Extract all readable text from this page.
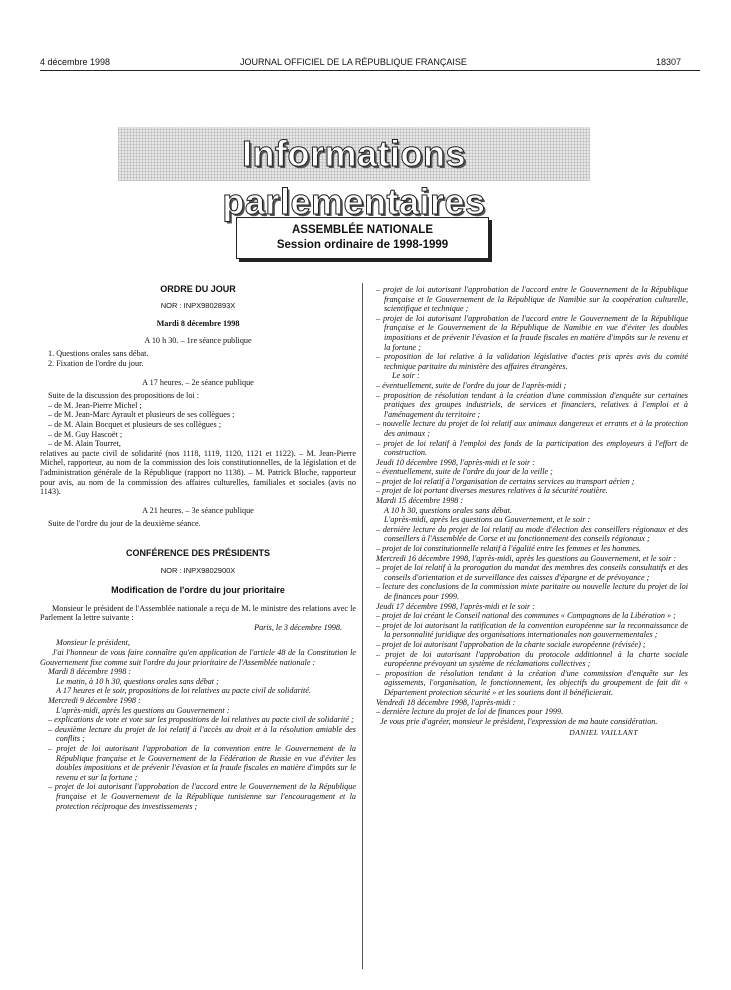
4 décembre 1998	JOURNAL OFFICIEL DE LA RÉPUBLIQUE FRANÇAISE	18307
Informations parlementaires
ASSEMBLÉE NATIONALE
Session ordinaire de 1998-1999

ORDRE DU JOUR

NOR : INPX9802893X

Mardi 8 décembre 1998

A 10 h 30. – 1re séance publique

1. Questions orales sans débat.

2. Fixation de l'ordre du jour.

A 17 heures. – 2e séance publique

Suite de la discussion des propositions de loi :

– de M. Jean-Pierre Michel ;

– de M. Jean-Marc Ayrault et plusieurs de ses collègues ;

– de M. Alain Bocquet et plusieurs de ses collègues ;

– de M. Guy Hascoët ;

– de M. Alain Tourret,

relatives au pacte civil de solidarité (nos 1118, 1119, 1120, 1121 et 1122). – M. Jean-Pierre Michel, rapporteur, au nom de la commission des lois constitutionnelles, de la législation et de l'administration générale de la République (rapport no 1138). – M. Patrick Bloche, rapporteur pour avis, au nom de la commission des affaires culturelles, familiales et sociales (avis no 1143).

A 21 heures. – 3e séance publique

Suite de l'ordre du jour de la deuxième séance.

CONFÉRENCE DES PRÉSIDENTS

NOR : INPX9802900X

Modification de l'ordre du jour prioritaire

Monsieur le président de l'Assemblée nationale a reçu de M. le ministre des relations avec le Parlement la lettre suivante :

Paris, le 3 décembre 1998.

Monsieur le président,

J'ai l'honneur de vous faire connaître qu'en application de l'article 48 de la Constitution le Gouvernement fixe comme suit l'ordre du jour prioritaire de l'Assemblée nationale :

Mardi 8 décembre 1998 :

Le matin, à 10 h 30, questions orales sans débat ;

A 17 heures et le soir, propositions de loi relatives au pacte civil de solidarité.

Mercredi 9 décembre 1998 :

L'après-midi, après les questions au Gouvernement :

– explications de vote et vote sur les propositions de loi relatives au pacte civil de solidarité ;

– deuxième lecture du projet de loi relatif à l'accès au droit et à la résolution amiable des conflits ;

– projet de loi autorisant l'approbation de la convention entre le Gouvernement de la République française et le Gouvernement de la Fédération de Russie en vue d'éviter les doubles impositions et de prévenir l'évasion et la fraude fiscales en matière d'impôts sur le revenu et sur la fortune ;

– projet de loi autorisant l'approbation de l'accord entre le Gouvernement de la République française et le Gouvernement de la République tunisienne sur l'encouragement et la protection réciproque des investissements ;

– projet de loi autorisant l'approbation de l'accord entre le Gouvernement de la République française et le Gouvernement de la République de Namibie sur la coopération culturelle, scientifique et technique ;

– projet de loi autorisant l'approbation de l'accord entre le Gouvernement de la République française et le Gouvernement de la République de Namibie en vue d'éviter les doubles impositions et de prévenir l'évasion et la fraude fiscales en matière d'impôts sur le revenu et la fortune ;

– proposition de loi relative à la validation législative d'actes pris après avis du comité technique paritaire du ministère des affaires étrangères.

Le soir :

– éventuellement, suite de l'ordre du jour de l'après-midi ;

– proposition de résolution tendant à la création d'une commission d'enquête sur certaines pratiques des groupes industriels, de services et financiers, relatives à l'emploi et à l'aménagement du territoire ;

– nouvelle lecture du projet de loi relatif aux animaux dangereux et errants et à la protection des animaux ;

– projet de loi relatif à l'emploi des fonds de la participation des employeurs à l'effort de construction.

Jeudi 10 décembre 1998, l'après-midi et le soir :

– éventuellement, suite de l'ordre du jour de la veille ;

– projet de loi relatif à l'organisation de certains services au transport aérien ;

– projet de loi portant diverses mesures relatives à la sécurité routière.

Mardi 15 décembre 1998 :

A 10 h 30, questions orales sans débat.

L'après-midi, après les questions au Gouvernement, et le soir :

– dernière lecture du projet de loi relatif au mode d'élection des conseillers régionaux et des conseillers à l'Assemblée de Corse et au fonctionnement des conseils régionaux ;

– projet de loi constitutionnelle relatif à l'égalité entre les femmes et les hommes.

Mercredi 16 décembre 1998, l'après-midi, après les questions au Gouvernement, et le soir :

– projet de loi relatif à la prorogation du mandat des membres des conseils consultatifs et des conseils d'orientation et de surveillance des caisses d'épargne et de prévoyance ;

– lecture des conclusions de la commission mixte paritaire ou nouvelle lecture du projet de loi de finances pour 1999.

Jeudi 17 décembre 1998, l'après-midi et le soir :

– projet de loi créant le Conseil national des communes « Compagnons de la Libération » ;

– projet de loi autorisant la ratification de la convention européenne sur la reconnaissance de la personnalité juridique des organisations internationales non gouvernementales ;

– projet de loi autorisant l'approbation de la charte sociale européenne (révisée) ;

– projet de loi autorisant l'approbation du protocole additionnel à la charte sociale européenne prévoyant un système de réclamations collectives ;

– proposition de résolution tendant à la création d'une commission d'enquête sur les agissements, l'organisation, le fonctionnement, les objectifs du groupement de fait dit « Département protection sécurité » et les soutiens dont il bénéficierait.

Vendredi 18 décembre 1998, l'après-midi :

– dernière lecture du projet de loi de finances pour 1999.

Je vous prie d'agréer, monsieur le président, l'expression de ma haute considération.

DANIEL VAILLANT
